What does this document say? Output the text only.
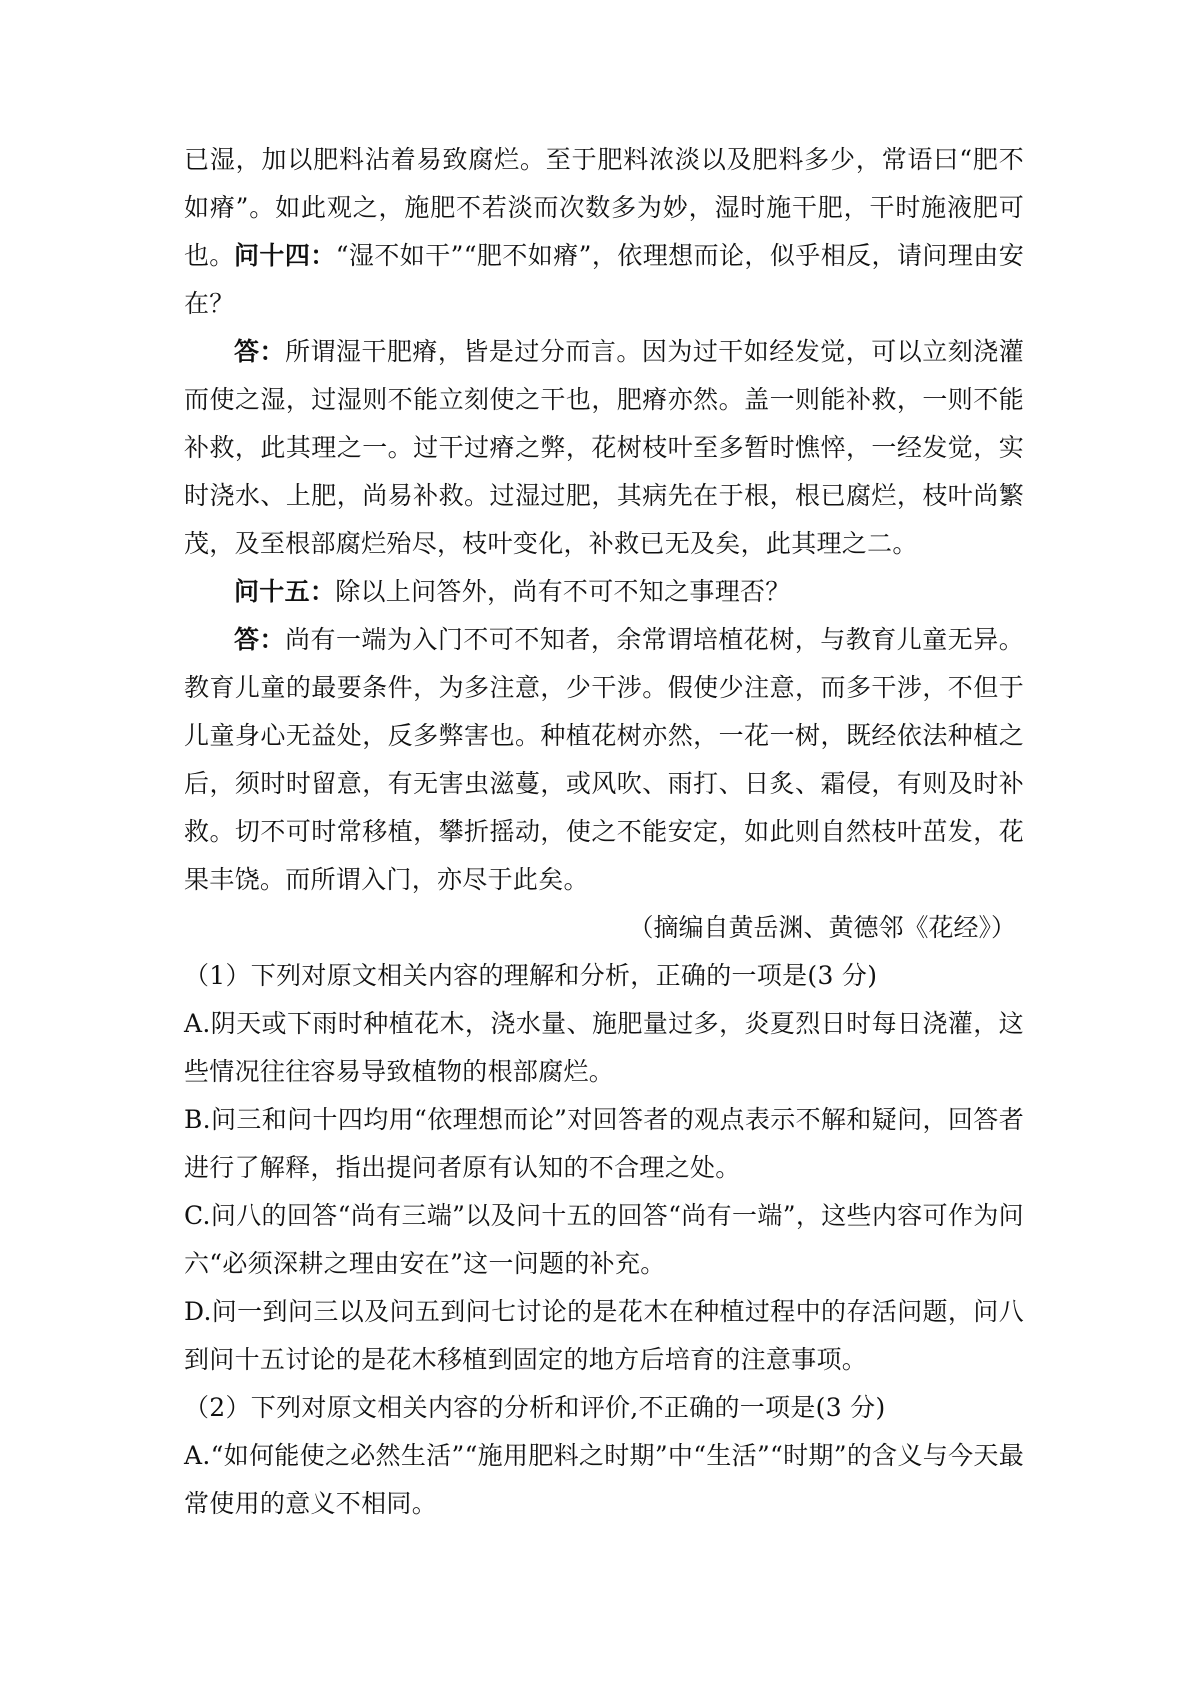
已湿，加以肥料沾着易致腐烂。至于肥料浓淡以及肥料多少，常语曰“肥不如瘠”。如此观之，施肥不若淡而次数多为妙，湿时施干肥，干时施液肥可也。 问十四：“湿不如干”“肥不如瘠”，依理想而论，似乎相反，请问理由安在？
答：所谓湿干肥瘠，皆是过分而言。因为过干如经发觉，可以立刻浇灌而使之湿，过湿则不能立刻使之干也，肥瘠亦然。盖一则能补救，一则不能补救，此其理之一。过干过瘠之弊，花树枝叶至多暂时憔悴，一经发觉，实时浇水、上肥，尚易补救。过湿过肥，其病先在于根，根已腐烂，枝叶尚繁茂，及至根部腐烂殆尽，枝叶变化，补救已无及矣，此其理之二。
问十五：除以上问答外，尚有不可不知之事理否？
答：尚有一端为入门不可不知者，余常谓培植花树，与教育儿童无异。教育儿童的最要条件，为多注意，少干涉。假使少注意，而多干涉，不但于儿童身心无益处，反多弊害也。种植花树亦然，一花一树，既经依法种植之后，须时时留意，有无害虫滋蔓，或风吹、雨打、日炙、霜侵，有则及时补救。切不可时常移植，攀折摇动，使之不能安定，如此则自然枝叶茁发，花果丰饶。而所谓入门，亦尽于此矣。
（摘编自黄岳渊、黄德邻《花经》）
（1）下列对原文相关内容的理解和分析，正确的一项是(3 分)
A.阴天或下雨时种植花木，浇水量、施肥量过多，炎夏烈日时每日浇灌，这些情况往往容易导致植物的根部腐烂。
B.问三和问十四均用“依理想而论”对回答者的观点表示不解和疑问，回答者进行了解释，指出提问者原有认知的不合理之处。
C.问八的回答“尚有三端”以及问十五的回答“尚有一端”，这些内容可作为问六“必须深耕之理由安在”这一问题的补充。
D.问一到问三以及问五到问七讨论的是花木在种植过程中的存活问题，问八到问十五讨论的是花木移植到固定的地方后培育的注意事项。
（2）下列对原文相关内容的分析和评价,不正确的一项是(3 分)
A.“如何能使之必然生活”“施用肥料之时期”中“生活”“时期”的含义与今天最常使用的意义不相同。
